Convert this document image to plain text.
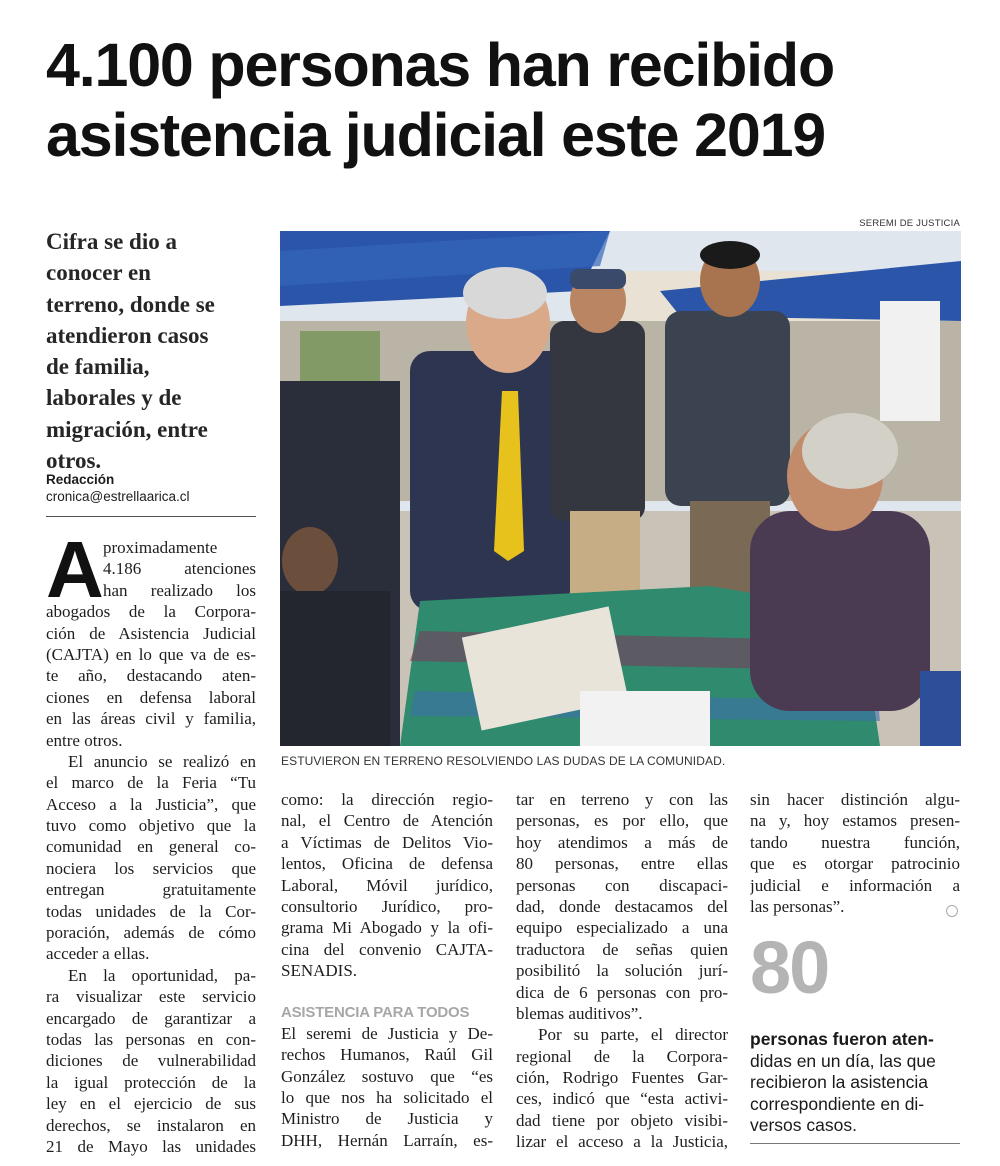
4.100 personas han recibido
asistencia judicial este 2019
Cifra se dio a
conocer en
terreno, donde se
atendieron casos
de familia,
laborales y de
migración, entre
otros.
Redacción
cronica@estrellaarica.cl
SEREMI DE JUSTICIA
ESTUVIERON EN TERRENO RESOLVIENDO LAS DUDAS DE LA COMUNIDAD.
A proximadamente
4.186 atenciones
han realizado los
abogados de la Corpora-
ción de Asistencia Judicial
(CAJTA) en lo que va de es-
te año, destacando aten-
ciones en defensa laboral
en las áreas civil y familia,
entre otros.
El anuncio se realizó en
el marco de la Feria “Tu
Acceso a la Justicia”, que
tuvo como objetivo que la
comunidad en general co-
nociera los servicios que
entregan gratuitamente
todas unidades de la Cor-
poración, además de cómo
acceder a ellas.
En la oportunidad, pa-
ra visualizar este servicio
encargado de garantizar a
todas las personas en con-
diciones de vulnerabilidad
la igual protección de la
ley en el ejercicio de sus
derechos, se instalaron en
21 de Mayo las unidades
como: la dirección regio-
nal, el Centro de Atención
a Víctimas de Delitos Vio-
lentos, Oficina de defensa
Laboral, Móvil jurídico,
consultorio Jurídico, pro-
grama Mi Abogado y la ofi-
cina del convenio CAJTA-
SENADIS.
ASISTENCIA PARA TODOS
El seremi de Justicia y De-
rechos Humanos, Raúl Gil
González sostuvo que “es
lo que nos ha solicitado el
Ministro de Justicia y
DHH, Hernán Larraín, es-
tar en terreno y con las
personas, es por ello, que
hoy atendimos a más de
80 personas, entre ellas
personas con discapaci-
dad, donde destacamos del
equipo especializado a una
traductora de señas quien
posibilitó la solución jurí-
dica de 6 personas con pro-
blemas auditivos”.
Por su parte, el director
regional de la Corpora-
ción, Rodrigo Fuentes Gar-
ces, indicó que “esta activi-
dad tiene por objeto visibi-
lizar el acceso a la Justicia,
sin hacer distinción algu-
na y, hoy estamos presen-
tando nuestra función,
que es otorgar patrocinio
judicial e información a
las personas”.
80
personas fueron aten-
didas en un día, las que
recibieron la asistencia
correspondiente en di-
versos casos.
